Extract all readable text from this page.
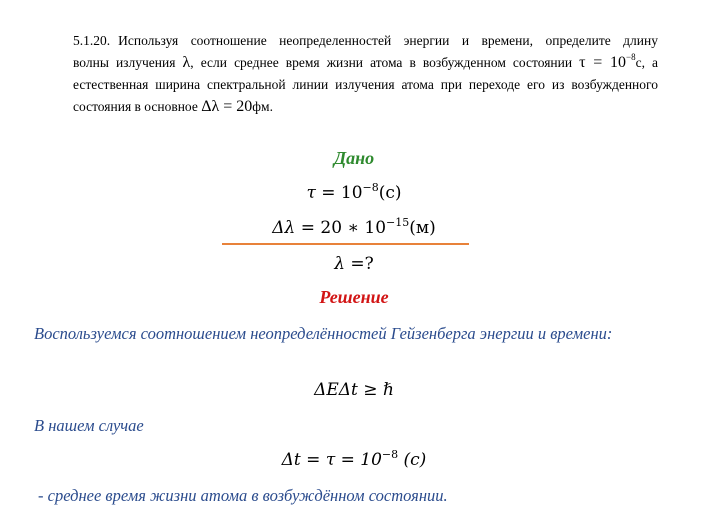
5.1.20. Используя соотношение неопределенностей энергии и времени, определите длину
волны излучения λ, если среднее время жизни атома в возбужденном состоянии $\tau = 10^{-8}с$, а
естественная ширина спектральной линии излучения атома при переходе его из возбужденного
состояния в основное Δλ = 20фм.
Дано
$\tau = 10^{-8}(с)$
Δλ = 20 ∗ $10^{-15}(м)$
λ =?
Решение
Воспользуемся соотношением неопределённостей Гейзенберга энергии и времени:
ΔEΔt ≥ ℏ
В нашем случае
$\Delta t = \tau = 10^{-8}$ (с)
- среднее время жизни атома в возбуждённом состоянии.
